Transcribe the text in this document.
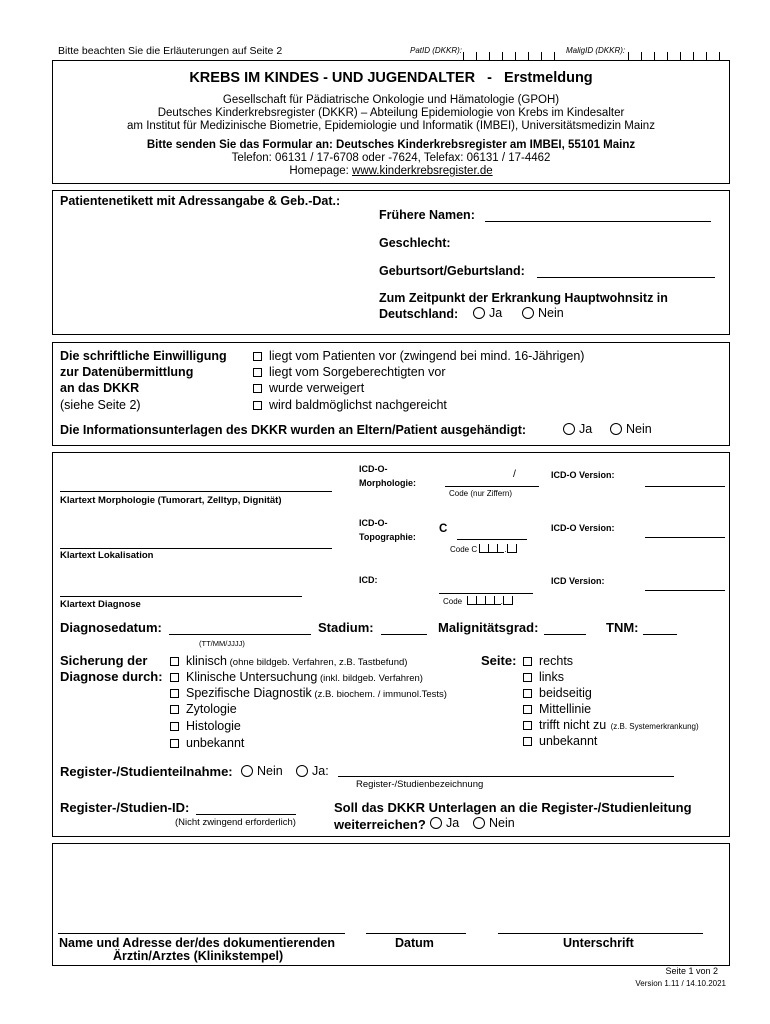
Bitte beachten Sie die Erläuterungen auf Seite 2	PatID (DKKR):	MaligID (DKKR):
KREBS IM KINDES - UND JUGENDALTER   -   Erstmeldung
Gesellschaft für Pädiatrische Onkologie und Hämatologie (GPOH)
Deutsches Kinderkrebsregister (DKKR) – Abteilung Epidemiologie von Krebs im Kindesalter
am Institut für Medizinische Biometrie, Epidemiologie und Informatik (IMBEI), Universitätsmedizin Mainz
Bitte senden Sie das Formular an: Deutsches Kinderkrebsregister am IMBEI, 55101 Mainz
Telefon: 06131 / 17-6708 oder -7624, Telefax: 06131 / 17-4462
Homepage: www.kinderkrebsregister.de
Patientenetikett mit Adressangabe & Geb.-Dat.:
Frühere Namen:
Geschlecht:
Geburtsort/Geburtsland:
Zum Zeitpunkt der Erkrankung Hauptwohnsitz in
Deutschland:	Ja	Nein
Die schriftliche Einwilligung
zur Datenübermittlung
an das DKKR
(siehe Seite 2)
liegt vom Patienten vor (zwingend bei mind. 16-Jährigen)
liegt vom Sorgeberechtigten vor
wurde verweigert
wird baldmöglichst nachgereicht
Die Informationsunterlagen des DKKR wurden an Eltern/Patient ausgehändigt:	Ja	Nein
Klartext Morphologie (Tumorart, Zelltyp, Dignität)
ICD-O-
Morphologie:
/
Code (nur Ziffern)
ICD-O Version:
Klartext Lokalisation
ICD-O-
Topographie:
C
Code C	.
ICD-O Version:
Klartext Diagnose
ICD:
Code	.
ICD Version:
Diagnosedatum:
(TT/MM/JJJJ)
Stadium:	Malignitätsgrad:	TNM:
Sicherung der
Diagnose durch:
klinisch (ohne bildgeb. Verfahren, z.B. Tastbefund)
Klinische Untersuchung (inkl. bildgeb. Verfahren)
Spezifische Diagnostik (z.B. biochem. / immunol.Tests)
Zytologie
Histologie
unbekannt
Seite:	rechts
links
beidseitig
Mittellinie
trifft nicht zu  (z.B. Systemerkrankung)
unbekannt
Register-/Studienteilnahme:	Nein	Ja:
Register-/Studienbezeichnung
Register-/Studien-ID:
(Nicht zwingend erforderlich)
Soll das DKKR Unterlagen an die Register-/Studienleitung
weiterreichen?	Ja	Nein
Name und Adresse der/des dokumentierenden
Ärztin/Arztes (Klinikstempel)
Datum	Unterschrift
Seite 1 von 2
Version 1.11 / 14.10.2021
